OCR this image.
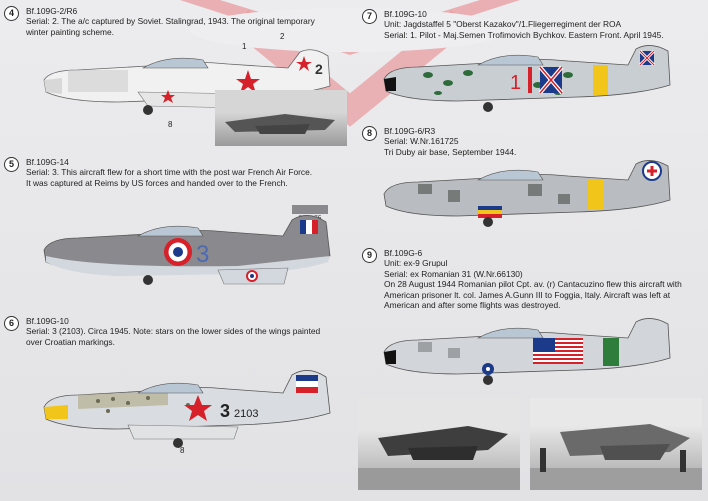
4	Bf.109G-2/R6
Serial: 2. The a/c captured by Soviet. Stalingrad, 1943. The original temporary
winter painting scheme.
2
1
2
8
5	Bf.109G-14
Serial: 3. This aircraft flew for a short time with the post war French Air Force.
It was captured at Reims by US forces and handed over to the French.
3
6	Bf.109G-10
Serial: 3 (2103). Circa 1945. Note: stars on the lower sides of the wings painted
over Croatian markings.
3 2103
8
7	Bf.109G-10
Unit: Jagdstaffel 5 "Oberst Kazakov"/1.Fliegerregiment der ROA
Serial: 1. Pilot - Maj.Semen Trofimovich Bychkov. Eastern Front. April 1945.
1
8	Bf.109G-6/R3
Serial: W.Nr.161725
Tri Duby air base, September 1944.
9	Bf.109G-6
Unit: ex-9 Grupul
Serial: ex Romanian 31 (W.Nr.66130)
On 28 August 1944 Romanian pilot Cpt. av. (r) Cantacuzino flew this aircraft with
American prisoner lt. col. James A.Gunn III to Foggia, Italy. Aircraft was left at
American and after some flights was destroyed.
